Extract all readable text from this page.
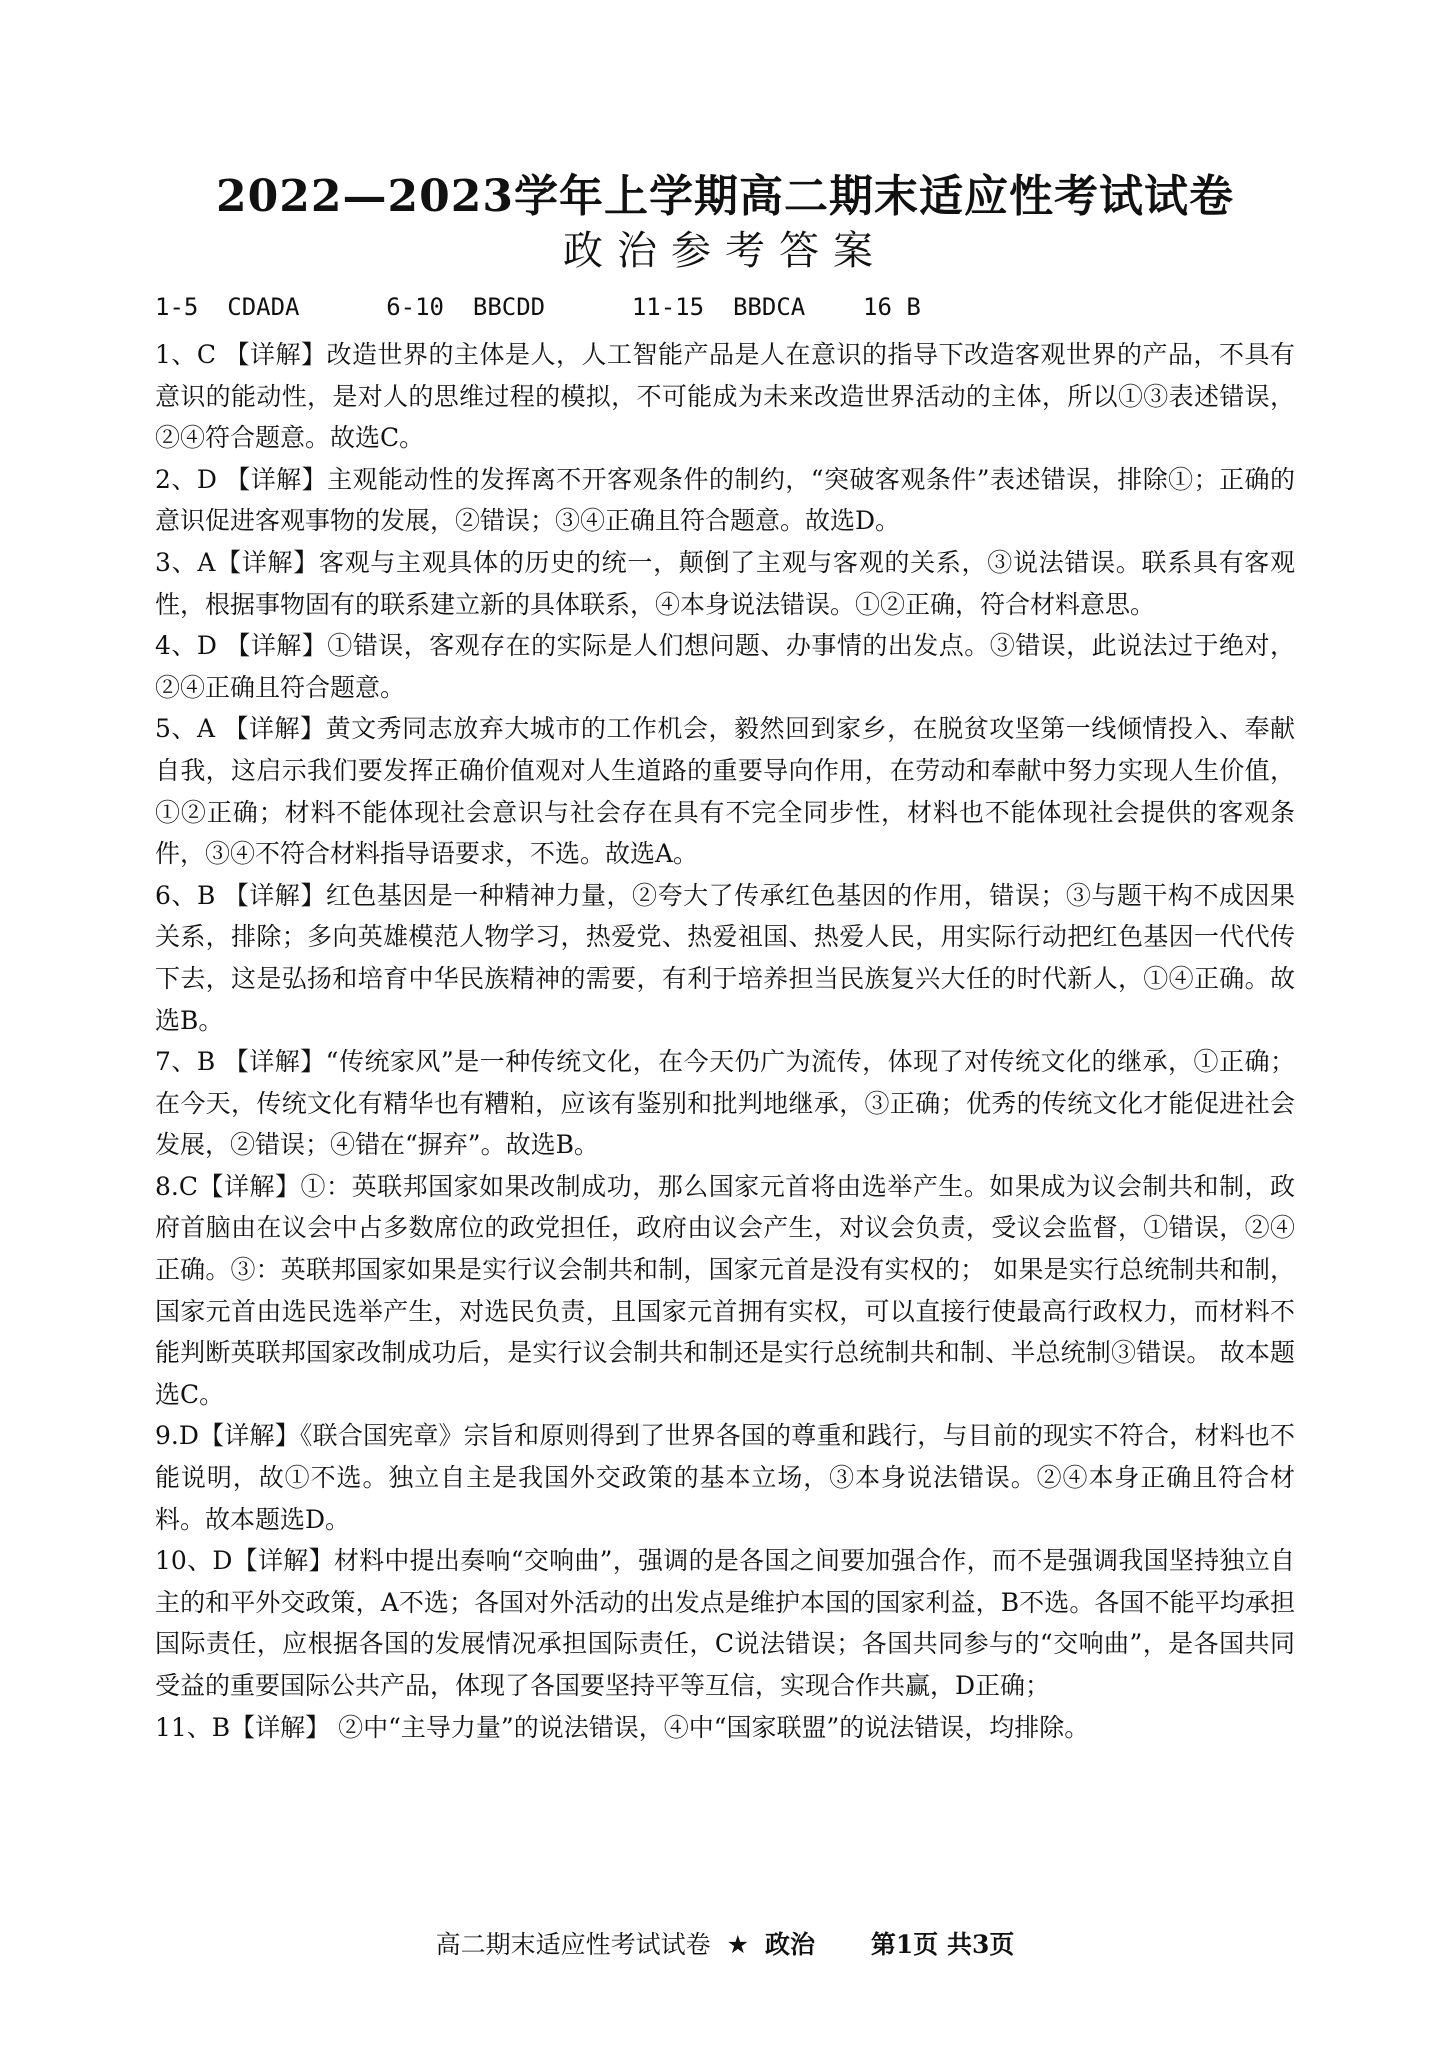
2022—2023学年上学期高二期末适应性考试试卷
政治参考答案
1-5  CDADA      6-10  BBCDD      11-15  BBDCA    16 B

1、C 【详解】改造世界的主体是人，人工智能产品是人在意识的指导下改造客观世界的产品，不具有意识的能动性，是对人的思维过程的模拟，不可能成为未来改造世界活动的主体，所以①③表述错误，②④符合题意。故选C。

2、D 【详解】主观能动性的发挥离不开客观条件的制约，“突破客观条件”表述错误，排除①；正确的意识促进客观事物的发展，②错误；③④正确且符合题意。故选D。

3、A【详解】客观与主观具体的历史的统一，颠倒了主观与客观的关系，③说法错误。联系具有客观性，根据事物固有的联系建立新的具体联系，④本身说法错误。①②正确，符合材料意思。

4、D 【详解】①错误，客观存在的实际是人们想问题、办事情的出发点。③错误，此说法过于绝对，②④正确且符合题意。

5、A 【详解】黄文秀同志放弃大城市的工作机会，毅然回到家乡，在脱贫攻坚第一线倾情投入、奉献自我，这启示我们要发挥正确价值观对人生道路的重要导向作用，在劳动和奉献中努力实现人生价值，①②正确；材料不能体现社会意识与社会存在具有不完全同步性，材料也不能体现社会提供的客观条件，③④不符合材料指导语要求，不选。故选A。

6、B 【详解】红色基因是一种精神力量，②夸大了传承红色基因的作用，错误；③与题干构不成因果关系，排除；多向英雄模范人物学习，热爱党、热爱祖国、热爱人民，用实际行动把红色基因一代代传下去，这是弘扬和培育中华民族精神的需要，有利于培养担当民族复兴大任的时代新人，①④正确。故选B。

7、B 【详解】“传统家风”是一种传统文化，在今天仍广为流传，体现了对传统文化的继承，①正确；在今天，传统文化有精华也有糟粕，应该有鉴别和批判地继承，③正确；优秀的传统文化才能促进社会发展，②错误；④错在“摒弃”。故选B。

8.C【详解】①：英联邦国家如果改制成功，那么国家元首将由选举产生。如果成为议会制共和制，政府首脑由在议会中占多数席位的政党担任，政府由议会产生，对议会负责，受议会监督，①错误，②④正确。③：英联邦国家如果是实行议会制共和制，国家元首是没有实权的； 如果是实行总统制共和制，国家元首由选民选举产生，对选民负责，且国家元首拥有实权，可以直接行使最高行政权力，而材料不能判断英联邦国家改制成功后，是实行议会制共和制还是实行总统制共和制、半总统制③错误。 故本题选C。

9.D【详解】《联合国宪章》宗旨和原则得到了世界各国的尊重和践行，与目前的现实不符合，材料也不能说明，故①不选。独立自主是我国外交政策的基本立场，③本身说法错误。②④本身正确且符合材料。故本题选D。

10、D【详解】材料中提出奏响“交响曲”，强调的是各国之间要加强合作，而不是强调我国坚持独立自主的和平外交政策，A不选；各国对外活动的出发点是维护本国的国家利益，B不选。各国不能平均承担国际责任，应根据各国的发展情况承担国际责任，C说法错误；各国共同参与的“交响曲”，是各国共同受益的重要国际公共产品，体现了各国要坚持平等互信，实现合作共赢，D正确；

11、B【详解】 ②中“主导力量”的说法错误，④中“国家联盟”的说法错误，均排除。

高二期末适应性考试试卷 ★ 政治 第1页 共3页
